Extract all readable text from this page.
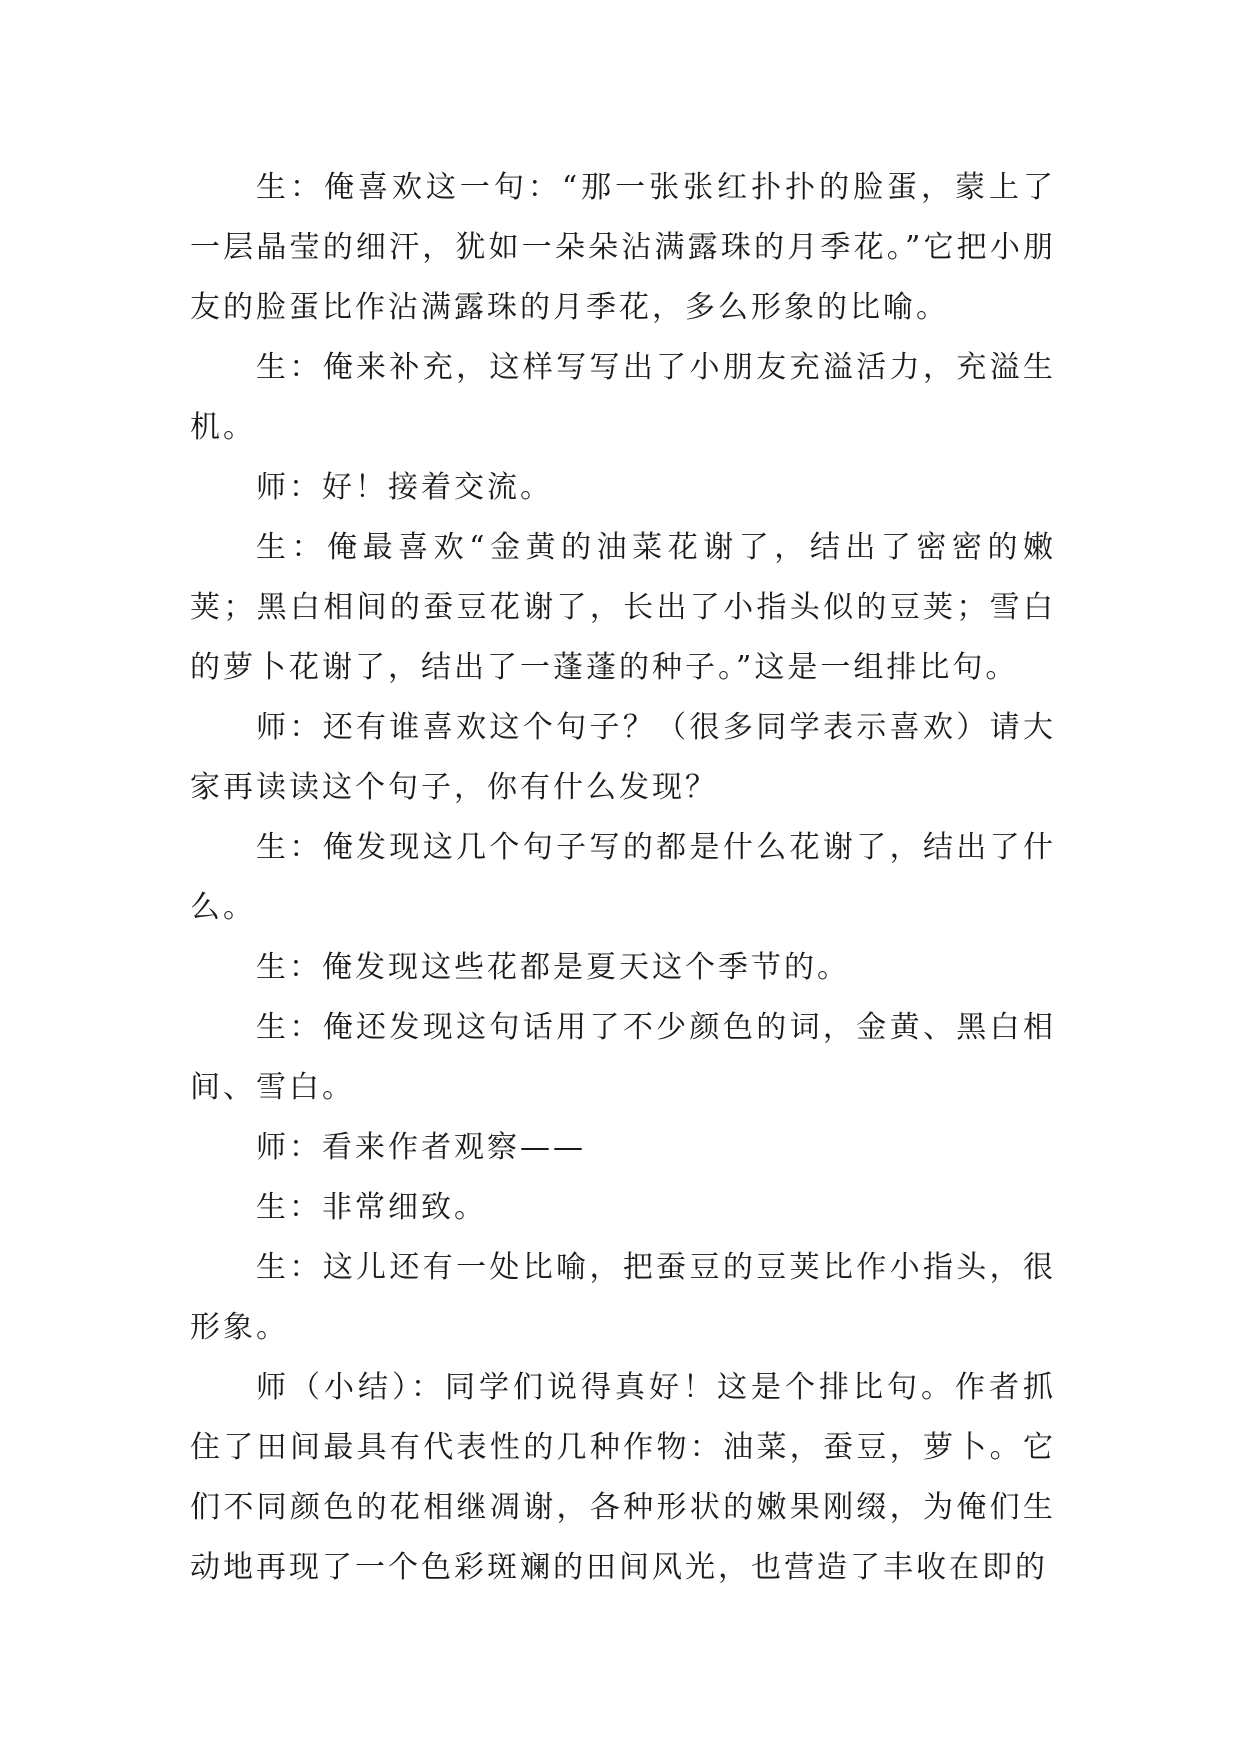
生：俺喜欢这一句：“那一张张红扑扑的脸蛋，蒙上了一层晶莹的细汗，犹如一朵朵沾满露珠的月季花。”它把小朋友的脸蛋比作沾满露珠的月季花，多么形象的比喻。

生：俺来补充，这样写写出了小朋友充溢活力，充溢生机。

师：好！接着交流。

生：俺最喜欢“金黄的油菜花谢了，结出了密密的嫩荚；黑白相间的蚕豆花谢了，长出了小指头似的豆荚；雪白的萝卜花谢了，结出了一蓬蓬的种子。”这是一组排比句。

师：还有谁喜欢这个句子？（很多同学表示喜欢）请大家再读读这个句子，你有什么发现？

生：俺发现这几个句子写的都是什么花谢了，结出了什么。

生：俺发现这些花都是夏天这个季节的。

生：俺还发现这句话用了不少颜色的词，金黄、黑白相间、雪白。

师：看来作者观察——

生：非常细致。

生：这儿还有一处比喻，把蚕豆的豆荚比作小指头，很形象。

师（小结）：同学们说得真好！这是个排比句。作者抓住了田间最具有代表性的几种作物：油菜，蚕豆，萝卜。它们不同颜色的花相继凋谢，各种形状的嫩果刚缀，为俺们生动地再现了一个色彩斑斓的田间风光，也营造了丰收在即的
